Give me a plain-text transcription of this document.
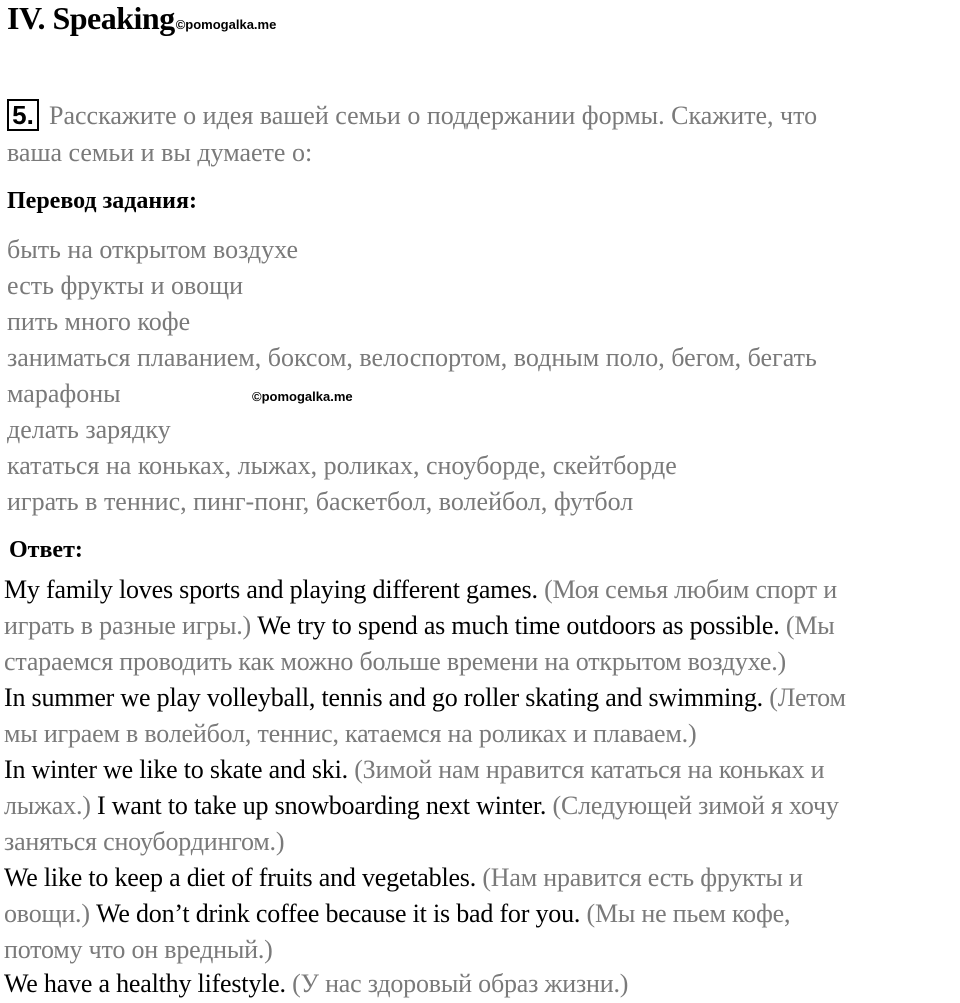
IV. Speaking©pomogalka.me
5. Расскажите о идея вашей семьи о поддержании формы. Скажите, что
ваша семьи и вы думаете о:
Перевод задания:
быть на открытом воздухе
есть фрукты и овощи
пить много кофе
заниматься плаванием, боксом, велоспортом, водным поло, бегом, бегать
марафоны	©pomogalka.me
делать зарядку
кататься на коньках, лыжах, роликах, сноуборде, скейтборде
играть в теннис, пинг-понг, баскетбол, волейбол, футбол
Ответ:
My family loves sports and playing different games. (Моя семья любим спорт и
играть в разные игры.) We try to spend as much time outdoors as possible. (Мы
стараемся проводить как можно больше времени на открытом воздухе.)
In summer we play volleyball, tennis and go roller skating and swimming. (Летом
мы играем в волейбол, теннис, катаемся на роликах и плаваем.)
In winter we like to skate and ski. (Зимой нам нравится кататься на коньках и
лыжах.) I want to take up snowboarding next winter. (Следующей зимой я хочу
заняться сноубордингом.)
We like to keep a diet of fruits and vegetables. (Нам нравится есть фрукты и
овощи.) We don’t drink coffee because it is bad for you. (Мы не пьем кофе,
потому что он вредный.)
We have a healthy lifestyle. (У нас здоровый образ жизни.)
